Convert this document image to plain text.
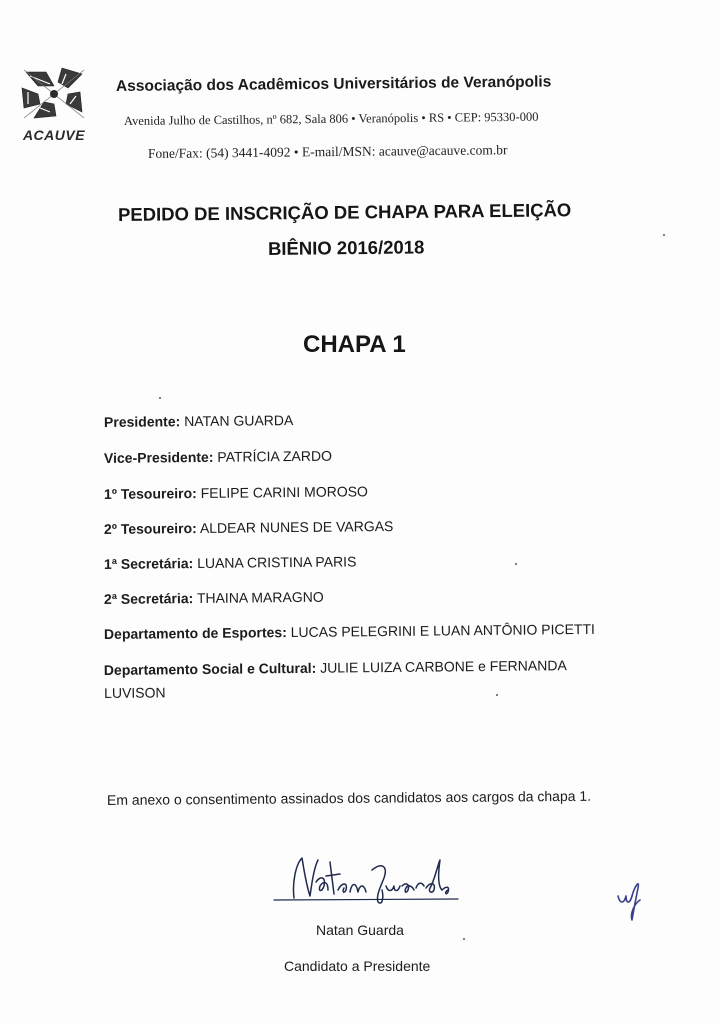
ACAUVE
Associação dos Acadêmicos Universitários de Veranópolis
Avenida Julho de Castilhos, nº 682, Sala 806 • Veranópolis • RS • CEP: 95330-000
Fone/Fax: (54) 3441-4092 • E-mail/MSN: acauve@acauve.com.br
PEDIDO DE INSCRIÇÃO DE CHAPA PARA ELEIÇÃO
BIÊNIO 2016/2018
CHAPA 1
Presidente: NATAN GUARDA
Vice-Presidente: PATRÍCIA ZARDO
1º Tesoureiro: FELIPE CARINI MOROSO
2º Tesoureiro: ALDEAR NUNES DE VARGAS
1ª Secretária: LUANA CRISTINA PARIS
2ª Secretária: THAINA MARAGNO
Departamento de Esportes: LUCAS PELEGRINI E LUAN ANTÔNIO PICETTI
Departamento Social e Cultural: JULIE LUIZA CARBONE e FERNANDA LUVISON
Em anexo o consentimento assinados dos candidatos aos cargos da chapa 1.
Natan Guarda
Candidato a Presidente
